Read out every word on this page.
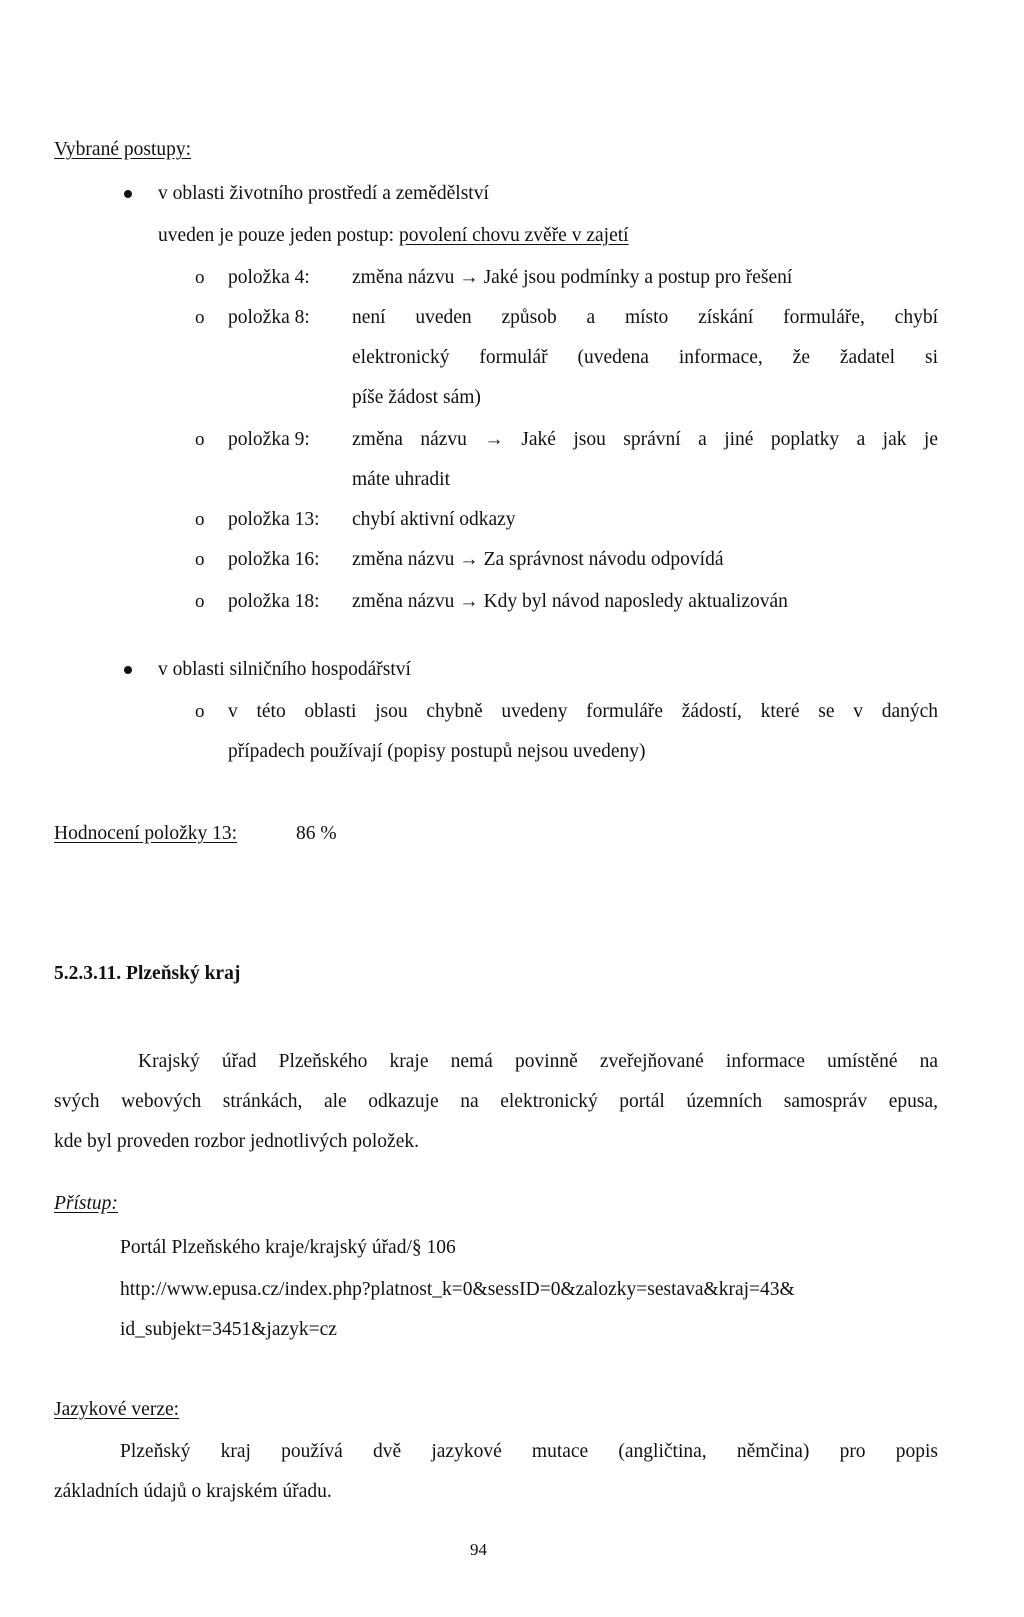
Vybrané postupy:
v oblasti životního prostředí a zemědělství
uveden je pouze jeden postup: povolení chovu zvěře v zajetí
o položka 4: změna názvu → Jaké jsou podmínky a postup pro řešení
o položka 8: není uveden způsob a místo získání formuláře, chybí
elektronický formulář (uvedena informace, že žadatel si
píše žádost sám)
o položka 9: změna názvu → Jaké jsou správní a jiné poplatky a jak je
máte uhradit
o položka 13: chybí aktivní odkazy
o položka 16: změna názvu → Za správnost návodu odpovídá
o položka 18: změna názvu → Kdy byl návod naposledy aktualizován
v oblasti silničního hospodářství
o v této oblasti jsou chybně uvedeny formuláře žádostí, které se v daných
případech používají (popisy postupů nejsou uvedeny)
Hodnocení položky 13:	86 %
5.2.3.11. Plzeňský kraj
Krajský úřad Plzeňského kraje nemá povinně zveřejňované informace umístěné na
svých webových stránkách, ale odkazuje na elektronický portál územních samospráv epusa,
kde byl proveden rozbor jednotlivých položek.
Přístup:
Portál Plzeňského kraje/krajský úřad/§ 106
http://www.epusa.cz/index.php?platnost_k=0&sessID=0&zalozky=sestava&kraj=43&
id_subjekt=3451&jazyk=cz
Jazykové verze:
Plzeňský kraj používá dvě jazykové mutace (angličtina, němčina) pro popis
základních údajů o krajském úřadu.
94
